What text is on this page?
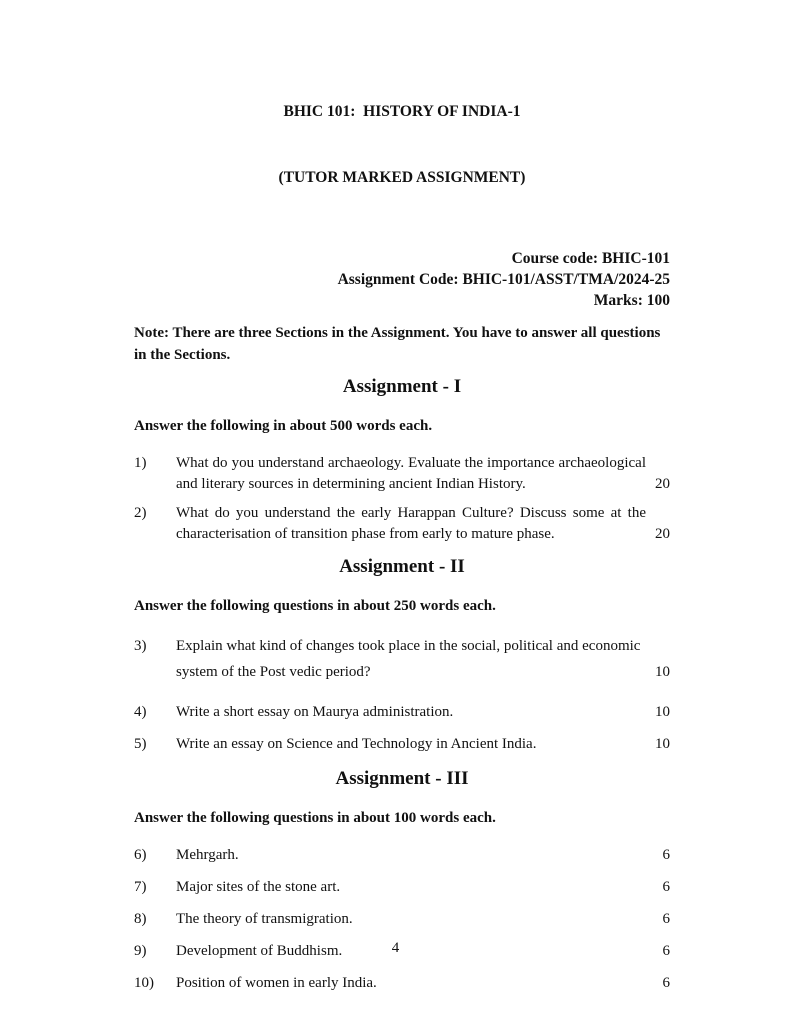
BHIC 101:  HISTORY OF INDIA-1

(TUTOR MARKED ASSIGNMENT)

Course code: BHIC-101
Assignment Code: BHIC-101/ASST/TMA/2024-25
Marks: 100

Note: There are three Sections in the Assignment. You have to answer all questions in the Sections.

Assignment - I

Answer the following in about 500 words each.

1)	What do you understand archaeology. Evaluate the importance archaeological and literary sources in determining ancient Indian History.	20
2)	What do you understand the early Harappan Culture? Discuss some at the characterisation of transition phase from early to mature phase.	20
Assignment - II

Answer the following questions in about 250 words each.

3)	Explain what kind of changes took place in the social, political and economic system of the Post vedic period?	10
4)	Write a short essay on Maurya administration.	10
5)	Write an essay on Science and Technology in Ancient India.	10
Assignment - III

Answer the following questions in about 100 words each.

6)	Mehrgarh.	6
7)	Major sites of the stone art.	6
8)	The theory of transmigration.	6
9)	Development of Buddhism.	6
10)	Position of women in early India.	6
4
